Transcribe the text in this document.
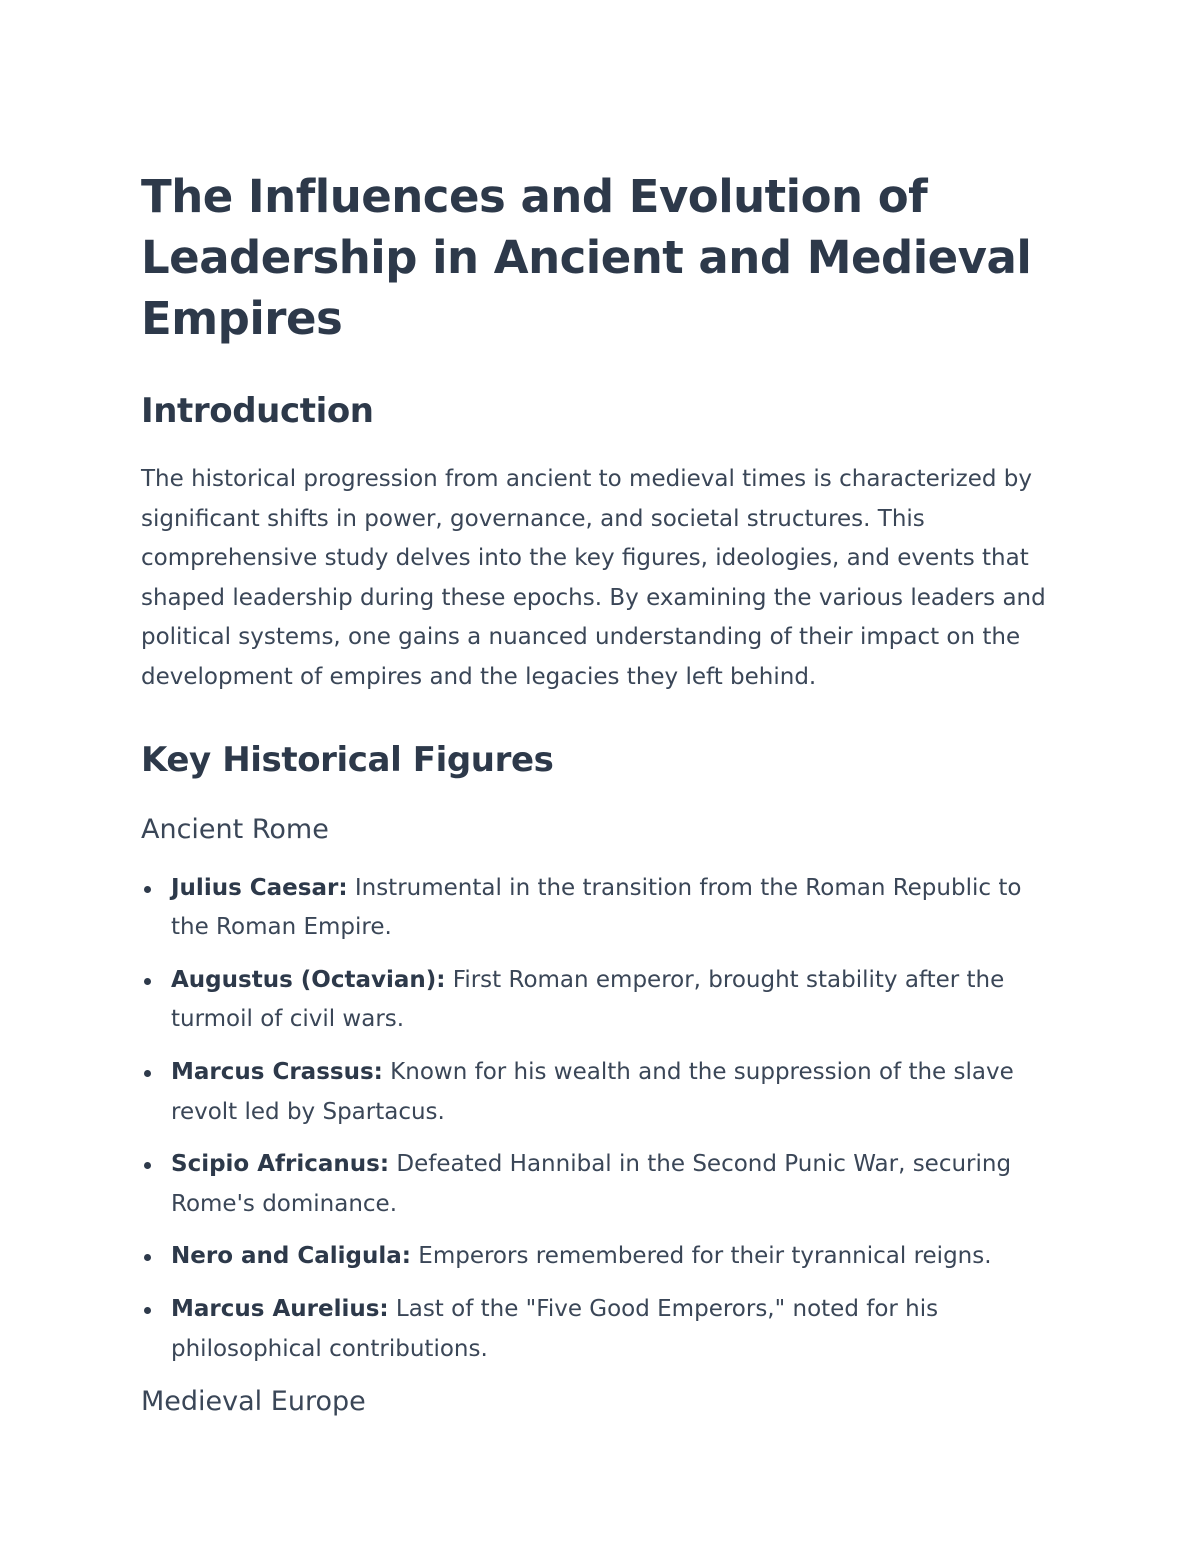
The Influences and Evolution of Leadership in Ancient and Medieval Empires
Introduction

The historical progression from ancient to medieval times is characterized by significant shifts in power, governance, and societal structures. This comprehensive study delves into the key figures, ideologies, and events that shaped leadership during these epochs. By examining the various leaders and political systems, one gains a nuanced understanding of their impact on the development of empires and the legacies they left behind.

Key Historical Figures
Ancient Rome
Julius Caesar: Instrumental in the transition from the Roman Republic to the Roman Empire.
Augustus (Octavian): First Roman emperor, brought stability after the turmoil of civil wars.
Marcus Crassus: Known for his wealth and the suppression of the slave revolt led by Spartacus.
Scipio Africanus: Defeated Hannibal in the Second Punic War, securing Rome's dominance.
Nero and Caligula: Emperors remembered for their tyrannical reigns.
Marcus Aurelius: Last of the "Five Good Emperors," noted for his philosophical contributions.
Medieval Europe
